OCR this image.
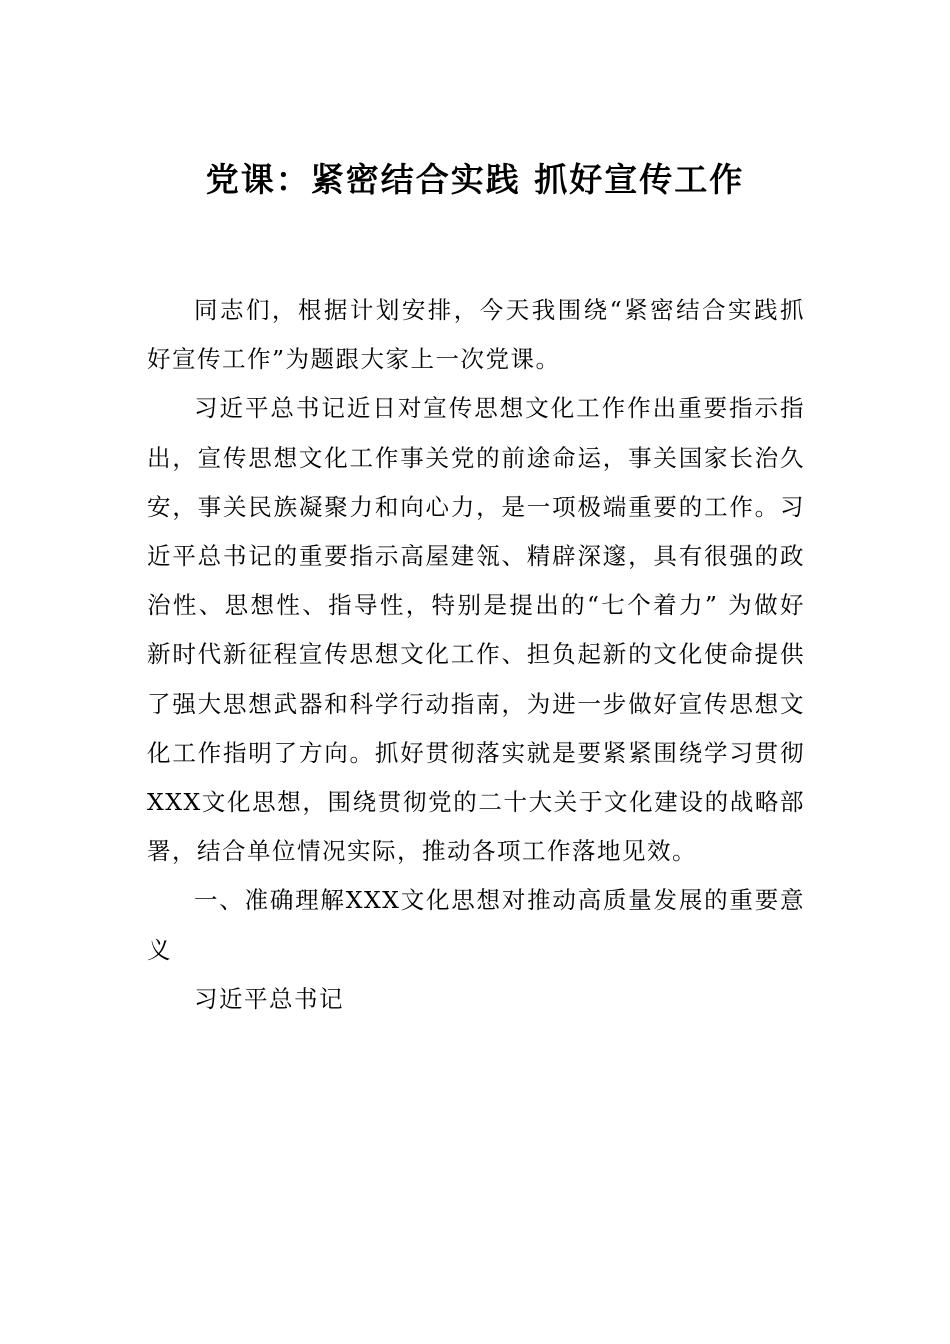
党课：紧密结合实践 抓好宣传工作

同志们，根据计划安排，今天我围绕“紧密结合实践抓好宣传工作”为题跟大家上一次党课。

习近平总书记近日对宣传思想文化工作作出重要指示指出，宣传思想文化工作事关党的前途命运，事关国家长治久安，事关民族凝聚力和向心力，是一项极端重要的工作。习近平总书记的重要指示高屋建瓴、精辟深邃，具有很强的政治性、思想性、指导性，特别是提出的“七个着力” 为做好新时代新征程宣传思想文化工作、担负起新的文化使命提供了强大思想武器和科学行动指南，为进一步做好宣传思想文化工作指明了方向。抓好贯彻落实就是要紧紧围绕学习贯彻XXX文化思想，围绕贯彻党的二十大关于文化建设的战略部署，结合单位情况实际，推动各项工作落地见效。

一、准确理解XXX文化思想对推动高质量发展的重要意义

习近平总书记
